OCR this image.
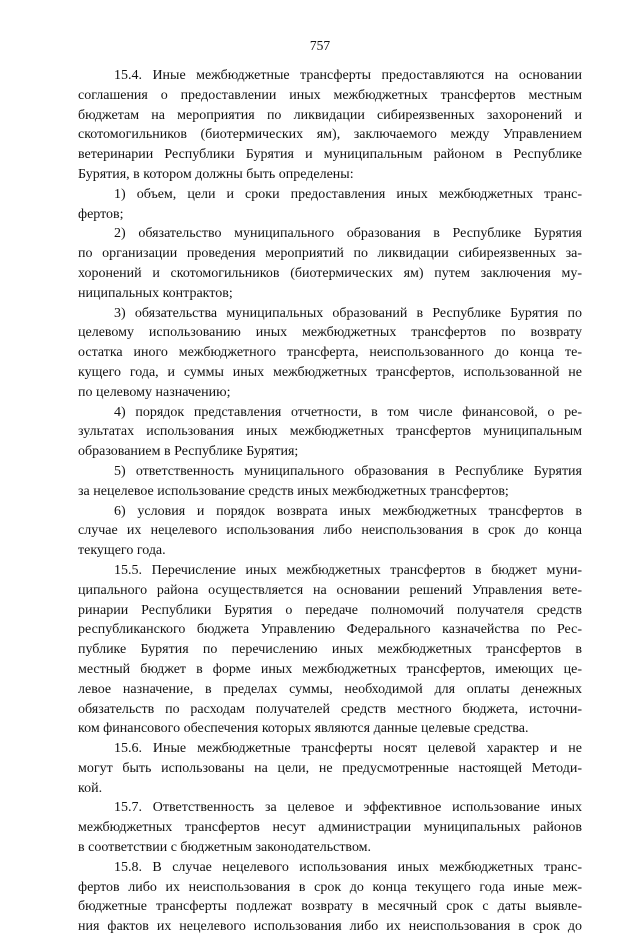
757
15.4. Иные межбюджетные трансферты предоставляются на основании
соглашения о предоставлении иных межбюджетных трансфертов местным
бюджетам на мероприятия по ликвидации сибиреязвенных захоронений и
скотомогильников (биотермических ям), заключаемого между Управлением
ветеринарии Республики Бурятия и муниципальным районом в Республике
Бурятия, в котором должны быть определены:
1) объем, цели и сроки предоставления иных межбюджетных транс-
фертов;
2) обязательство муниципального образования в Республике Бурятия
по организации проведения мероприятий по ликвидации сибиреязвенных за-
хоронений и скотомогильников (биотермических ям) путем заключения му-
ниципальных контрактов;
3) обязательства муниципальных образований в Республике Бурятия по
целевому использованию иных межбюджетных трансфертов по возврату
остатка иного межбюджетного трансферта, неиспользованного до конца те-
кущего года, и суммы иных межбюджетных трансфертов, использованной не
по целевому назначению;
4) порядок представления отчетности, в том числе финансовой, о ре-
зультатах использования иных межбюджетных трансфертов муниципальным
образованием в Республике Бурятия;
5) ответственность муниципального образования в Республике Бурятия
за нецелевое использование средств иных межбюджетных трансфертов;
6) условия и порядок возврата иных межбюджетных трансфертов в
случае их нецелевого использования либо неиспользования в срок до конца
текущего года.
15.5. Перечисление иных межбюджетных трансфертов в бюджет муни-
ципального района осуществляется на основании решений Управления вете-
ринарии Республики Бурятия о передаче полномочий получателя средств
республиканского бюджета Управлению Федерального казначейства по Рес-
публике Бурятия по перечислению иных межбюджетных трансфертов в
местный бюджет в форме иных межбюджетных трансфертов, имеющих це-
левое назначение, в пределах суммы, необходимой для оплаты денежных
обязательств по расходам получателей средств местного бюджета, источни-
ком финансового обеспечения которых являются данные целевые средства.
15.6. Иные межбюджетные трансферты носят целевой характер и не
могут быть использованы на цели, не предусмотренные настоящей Методи-
кой.
15.7. Ответственность за целевое и эффективное использование иных
межбюджетных трансфертов несут администрации муниципальных районов
в соответствии с бюджетным законодательством.
15.8. В случае нецелевого использования иных межбюджетных транс-
фертов либо их неиспользования в срок до конца текущего года иные меж-
бюджетные трансферты подлежат возврату в месячный срок с даты выявле-
ния фактов их нецелевого использования либо их неиспользования в срок до
